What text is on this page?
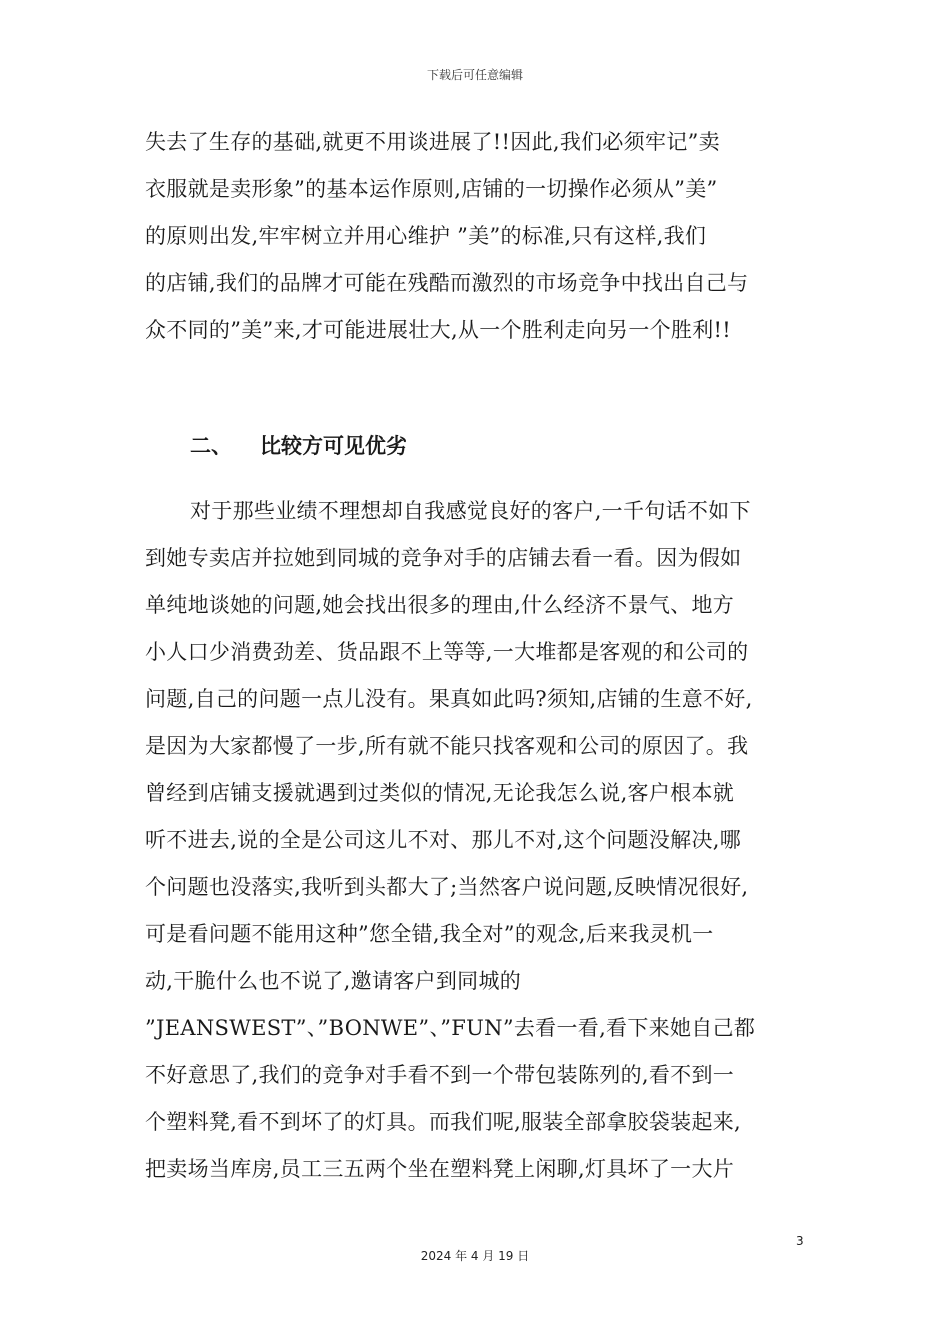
下载后可任意编辑
失去了生存的基础,就更不用谈进展了!!因此,我们必须牢记”卖
衣服就是卖形象”的基本运作原则,店铺的一切操作必须从”美”
的原则出发,牢牢树立并用心维护 ”美”的标准,只有这样,我们
的店铺,我们的品牌才可能在残酷而激烈的市场竞争中找出自己与
众不同的”美”来,才可能进展壮大,从一个胜利走向另一个胜利!!
二、 比较方可见优劣
对于那些业绩不理想却自我感觉良好的客户,一千句话不如下
到她专卖店并拉她到同城的竞争对手的店铺去看一看。因为假如
单纯地谈她的问题,她会找出很多的理由,什么经济不景气、地方
小人口少消费劲差、货品跟不上等等,一大堆都是客观的和公司的
问题,自己的问题一点儿没有。果真如此吗?须知,店铺的生意不好,
是因为大家都慢了一步,所有就不能只找客观和公司的原因了。我
曾经到店铺支援就遇到过类似的情况,无论我怎么说,客户根本就
听不进去,说的全是公司这儿不对、那儿不对,这个问题没解决,哪
个问题也没落实,我听到头都大了;当然客户说问题,反映情况很好,
可是看问题不能用这种”您全错,我全对”的观念,后来我灵机一
动,干脆什么也不说了,邀请客户到同城的
”JEANSWEST”、”BONWE”、”FUN”去看一看,看下来她自己都
不好意思了,我们的竞争对手看不到一个带包装陈列的,看不到一
个塑料凳,看不到坏了的灯具。而我们呢,服装全部拿胶袋装起来,
把卖场当库房,员工三五两个坐在塑料凳上闲聊,灯具坏了一大片
3
2024 年 4 月 19 日
